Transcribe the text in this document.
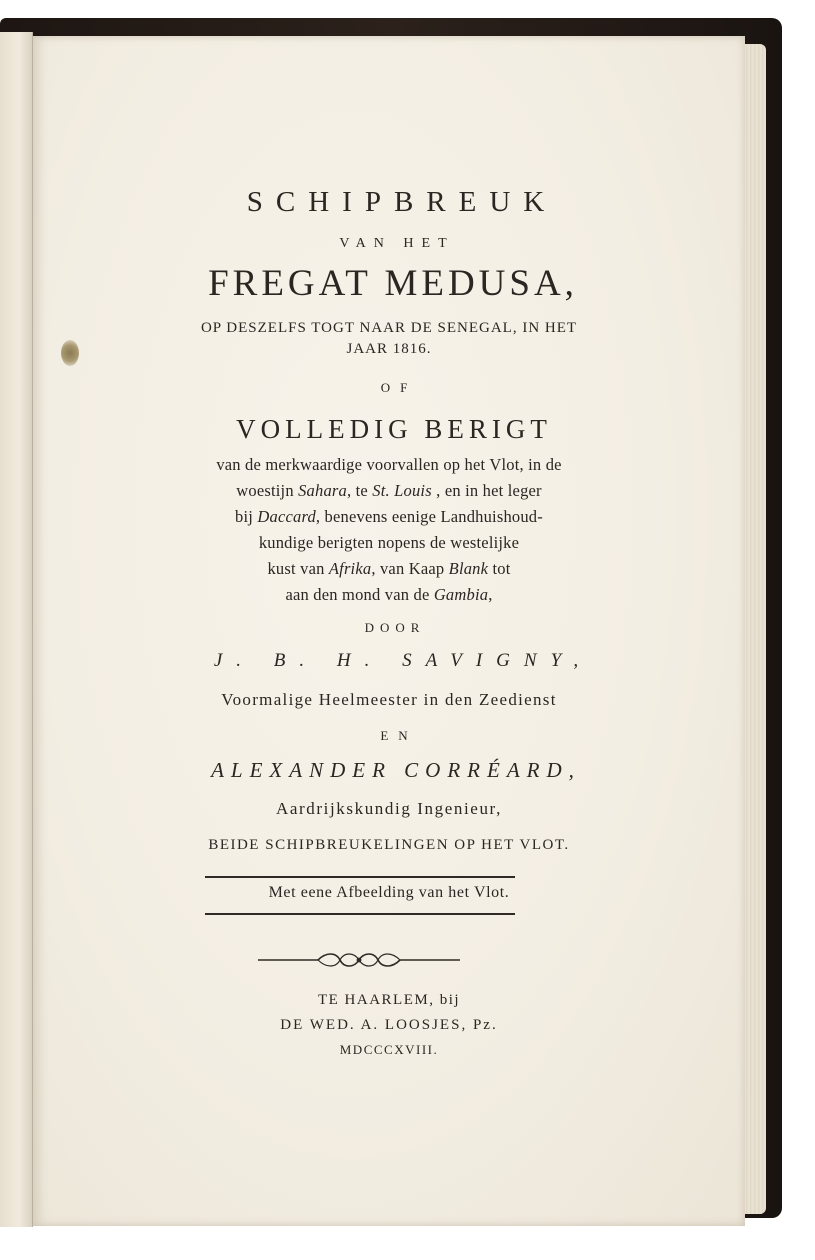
SCHIPBREUK
VAN HET
FREGAT MEDUSA,
OP DESZELFS TOGT NAAR DE SENEGAL, IN HET
JAAR 1816.
OF
VOLLEDIG BERIGT
van de merkwaardige voorvallen op het Vlot, in de
woestijn Sahara, te St. Louis , en in het leger
bij Daccard, benevens eenige Landhuishoud-
kundige berigten nopens de westelijke
kust van Afrika, van Kaap Blank tot
aan den mond van de Gambia,
DOOR
J. B. H. SAVIGNY,
Voormalige Heelmeester in den Zeedienst
EN
ALEXANDER CORRÉARD,
Aardrijkskundig Ingenieur,
BEIDE SCHIPBREUKELINGEN OP HET VLOT.
Met eene Afbeelding van het Vlot.
TE HAARLEM, bij
DE WED. A. LOOSJES, Pz.
MDCCCXVIII.
